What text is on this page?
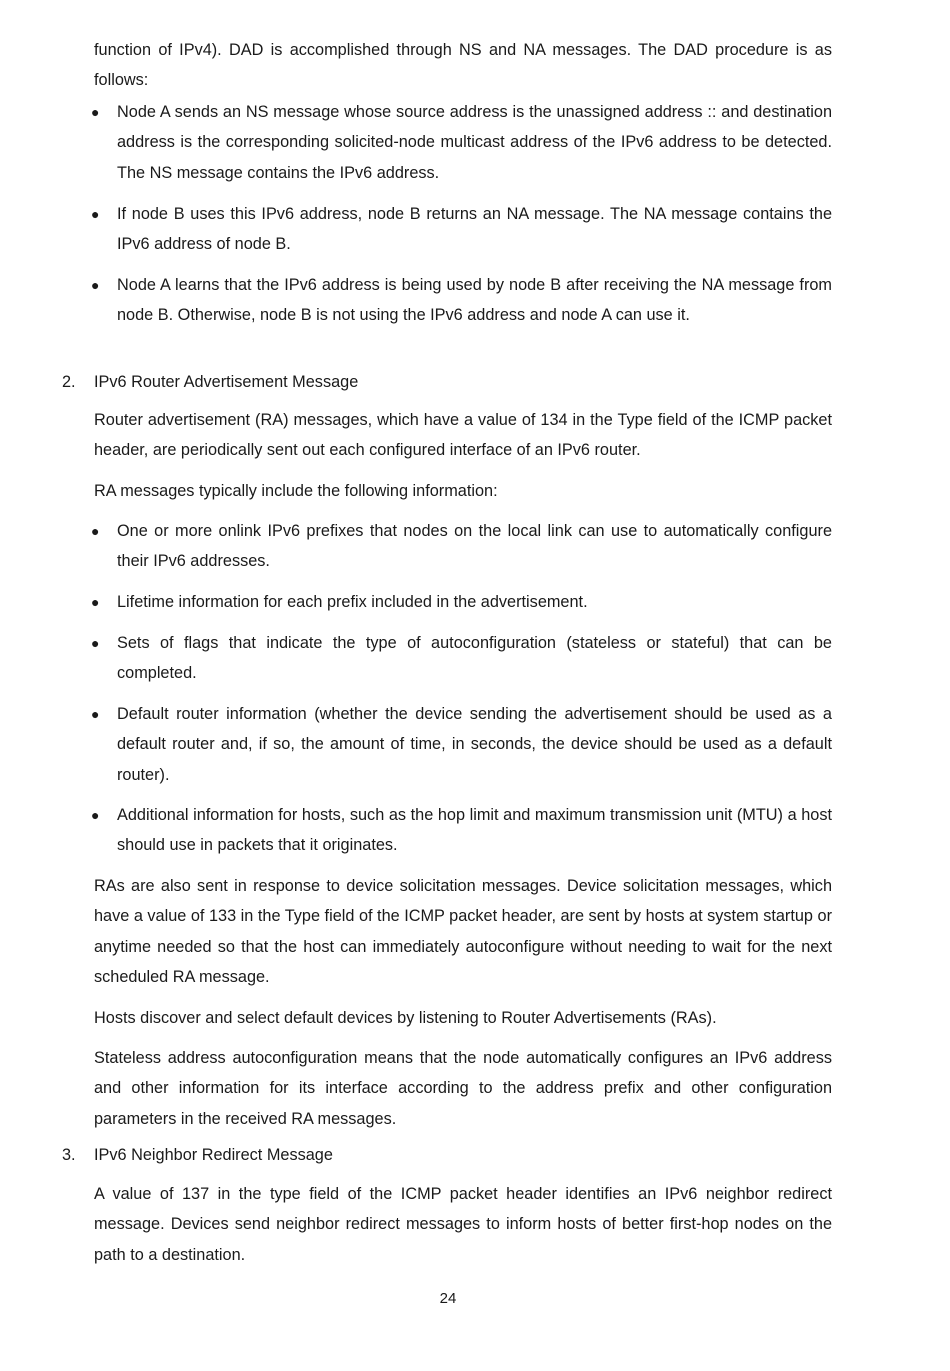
function of IPv4). DAD is accomplished through NS and NA messages. The DAD procedure is as follows:

● Node A sends an NS message whose source address is the unassigned address :: and destination address is the corresponding solicited-node multicast address of the IPv6 address to be detected. The NS message contains the IPv6 address.
● If node B uses this IPv6 address, node B returns an NA message. The NA message contains the IPv6 address of node B.
● Node A learns that the IPv6 address is being used by node B after receiving the NA message from node B. Otherwise, node B is not using the IPv6 address and node A can use it.

2. IPv6 Router Advertisement Message

Router advertisement (RA) messages, which have a value of 134 in the Type field of the ICMP packet header, are periodically sent out each configured interface of an IPv6 router.

RA messages typically include the following information:

● One or more onlink IPv6 prefixes that nodes on the local link can use to automatically configure their IPv6 addresses.
● Lifetime information for each prefix included in the advertisement.
● Sets of flags that indicate the type of autoconfiguration (stateless or stateful) that can be completed.
● Default router information (whether the device sending the advertisement should be used as a default router and, if so, the amount of time, in seconds, the device should be used as a default router).
● Additional information for hosts, such as the hop limit and maximum transmission unit (MTU) a host should use in packets that it originates.

RAs are also sent in response to device solicitation messages. Device solicitation messages, which have a value of 133 in the Type field of the ICMP packet header, are sent by hosts at system startup or anytime needed so that the host can immediately autoconfigure without needing to wait for the next scheduled RA message.

Hosts discover and select default devices by listening to Router Advertisements (RAs).

Stateless address autoconfiguration means that the node automatically configures an IPv6 address and other information for its interface according to the address prefix and other configuration parameters in the received RA messages.

3. IPv6 Neighbor Redirect Message

A value of 137 in the type field of the ICMP packet header identifies an IPv6 neighbor redirect message. Devices send neighbor redirect messages to inform hosts of better first-hop nodes on the path to a destination.

24
